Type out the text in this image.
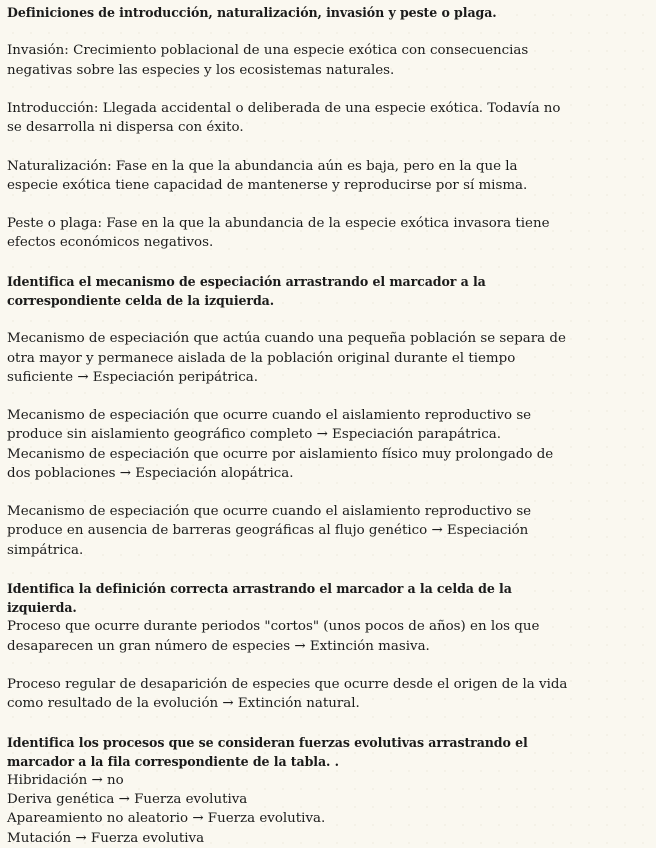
Definiciones de introducción, naturalización, invasión y peste o plaga.
Invasión: Crecimiento poblacional de una especie exótica con consecuencias
negativas sobre las especies y los ecosistemas naturales.
Introducción: Llegada accidental o deliberada de una especie exótica. Todavía no
se desarrolla ni dispersa con éxito.
Naturalización: Fase en la que la abundancia aún es baja, pero en la que la
especie exótica tiene capacidad de mantenerse y reproducirse por sí misma.
Peste o plaga: Fase en la que la abundancia de la especie exótica invasora tiene
efectos económicos negativos.
Identifica el mecanismo de especiación arrastrando el marcador a la
correspondiente celda de la izquierda.
Mecanismo de especiación que actúa cuando una pequeña población se separa de
otra mayor y permanece aislada de la población original durante el tiempo
suficiente → Especiación peripátrica.
Mecanismo de especiación que ocurre cuando el aislamiento reproductivo se
produce sin aislamiento geográfico completo → Especiación parapátrica.
Mecanismo de especiación que ocurre por aislamiento físico muy prolongado de
dos poblaciones → Especiación alopátrica.
Mecanismo de especiación que ocurre cuando el aislamiento reproductivo se
produce en ausencia de barreras geográficas al flujo genético → Especiación
simpátrica.
Identifica la definición correcta arrastrando el marcador a la celda de la
izquierda.
Proceso que ocurre durante periodos "cortos" (unos pocos de años) en los que
desaparecen un gran número de especies → Extinción masiva.
Proceso regular de desaparición de especies que ocurre desde el origen de la vida
como resultado de la evolución → Extinción natural.
Identifica los procesos que se consideran fuerzas evolutivas arrastrando el
marcador a la fila correspondiente de la tabla. .
Hibridación → no
Deriva genética → Fuerza evolutiva
Apareamiento no aleatorio → Fuerza evolutiva.
Mutación → Fuerza evolutiva
